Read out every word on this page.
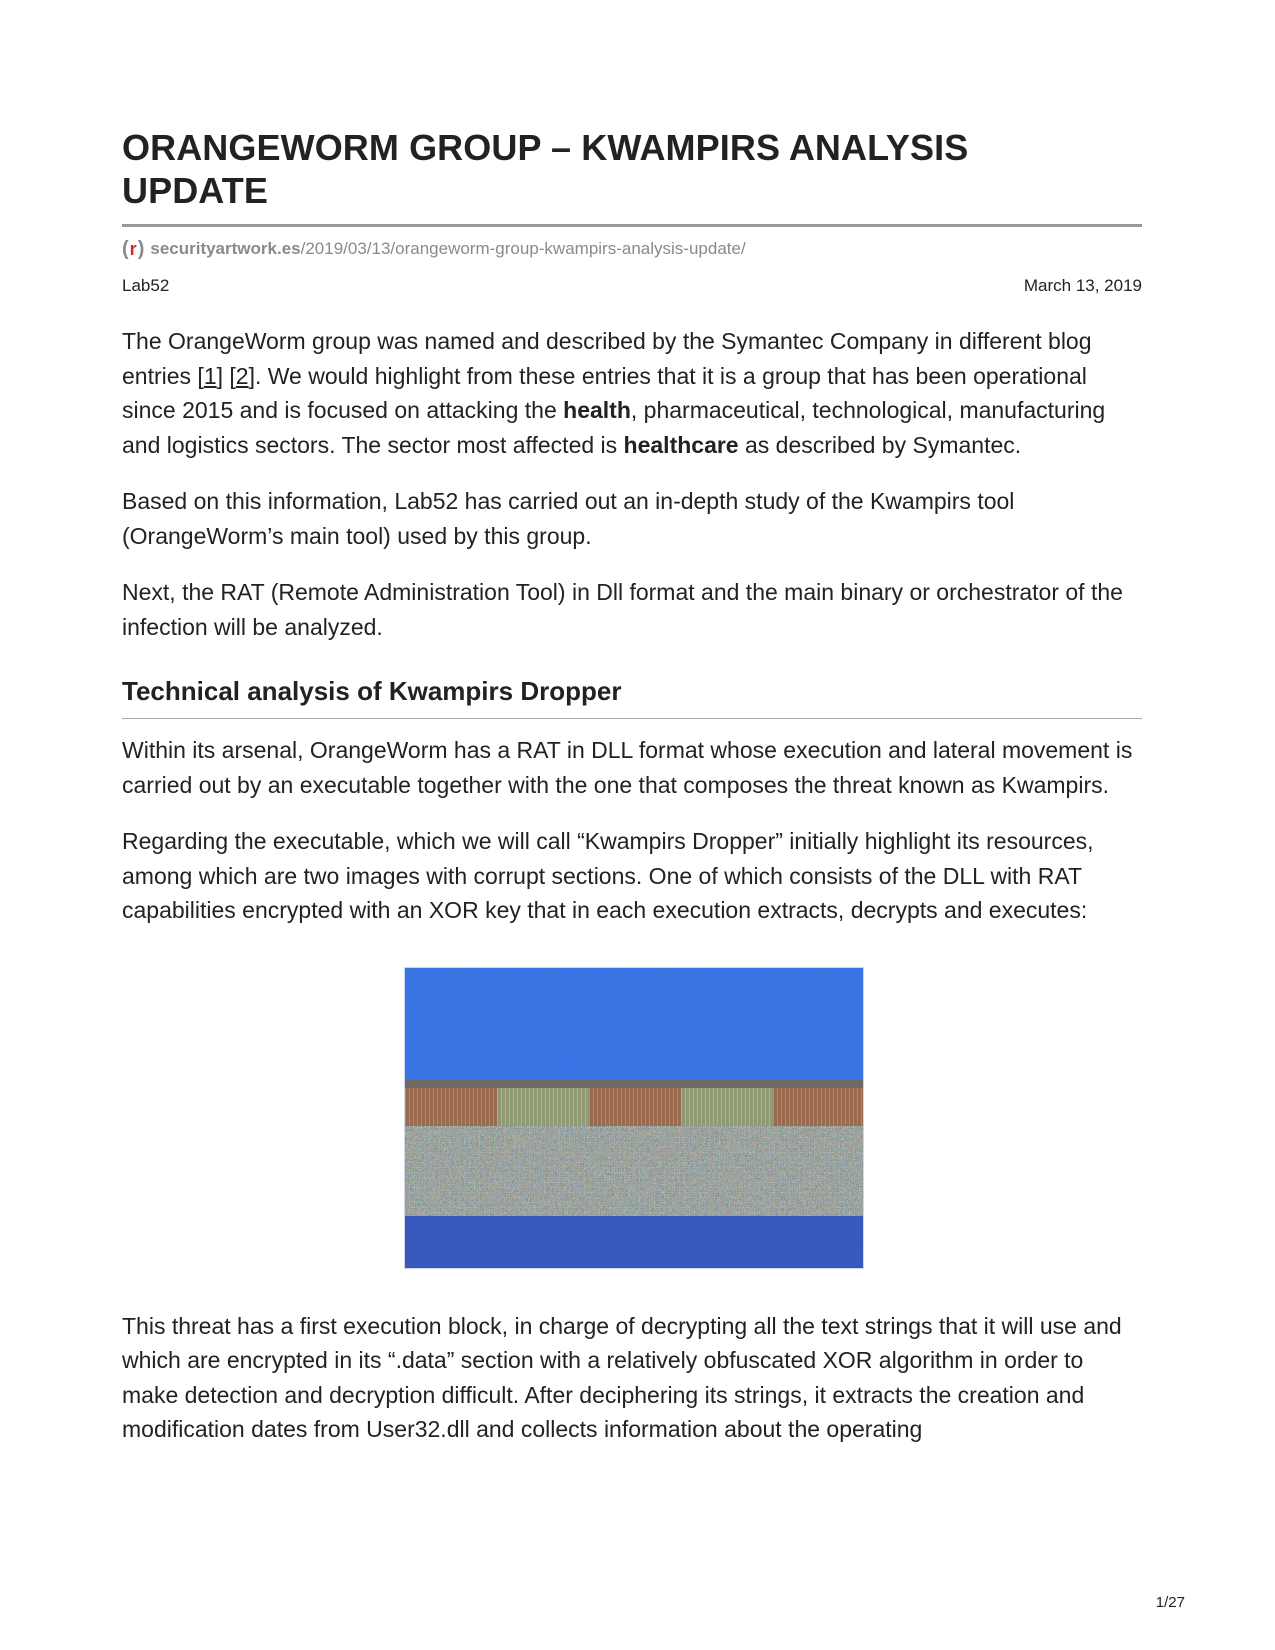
ORANGEWORM GROUP – KWAMPIRS ANALYSIS UPDATE
( r ) securityartwork.es/2019/03/13/orangeworm-group-kwampirs-analysis-update/
Lab52	March 13, 2019

The OrangeWorm group was named and described by the Symantec Company in different blog entries [1] [2]. We would highlight from these entries that it is a group that has been operational since 2015 and is focused on attacking the health, pharmaceutical, technological, manufacturing and logistics sectors. The sector most affected is healthcare as described by Symantec.

Based on this information, Lab52 has carried out an in-depth study of the Kwampirs tool (OrangeWorm’s main tool) used by this group.

Next, the RAT (Remote Administration Tool) in Dll format and the main binary or orchestrator of the infection will be analyzed.

Technical analysis of Kwampirs Dropper

Within its arsenal, OrangeWorm has a RAT in DLL format whose execution and lateral movement is carried out by an executable together with the one that composes the threat known as Kwampirs.

Regarding the executable, which we will call “Kwampirs Dropper” initially highlight its resources, among which are two images with corrupt sections. One of which consists of the DLL with RAT capabilities encrypted with an XOR key that in each execution extracts, decrypts and executes:

This threat has a first execution block, in charge of decrypting all the text strings that it will use and which are encrypted in its “.data” section with a relatively obfuscated XOR algorithm in order to make detection and decryption difficult. After deciphering its strings, it extracts the creation and modification dates from User32.dll and collects information about the operating

1/27
